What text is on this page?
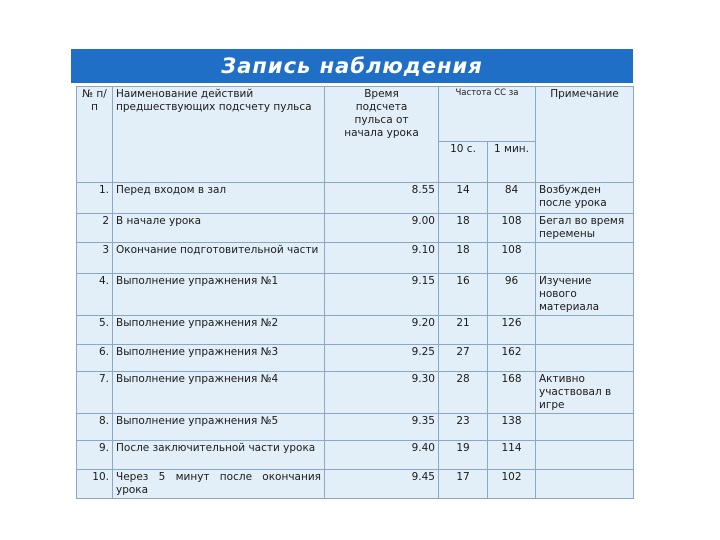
Запись наблюдения
№ п/п	Наименование действий предшествующих подсчету пульса	Время подсчета пульса от начала урока	Частота СС за		Примечание
			10 с.	1 мин.	
1.	Перед входом в зал	8.55	14	84	Возбужден после урока
2	В начале урока	9.00	18	108	Бегал во время перемены
3	Окончание подготовительной части	9.10	18	108	
4.	Выполнение упражнения №1	9.15	16	96	Изучение нового материала
5.	Выполнение упражнения №2	9.20	21	126	
6.	Выполнение упражнения №3	9.25	27	162	
7.	Выполнение упражнения №4	9.30	28	168	Активно участвовал в игре
8.	Выполнение упражнения №5	9.35	23	138	
9.	После заключительной части урока	9.40	19	114	
10.	Через 5 минут после окончания урока	9.45	17	102	
